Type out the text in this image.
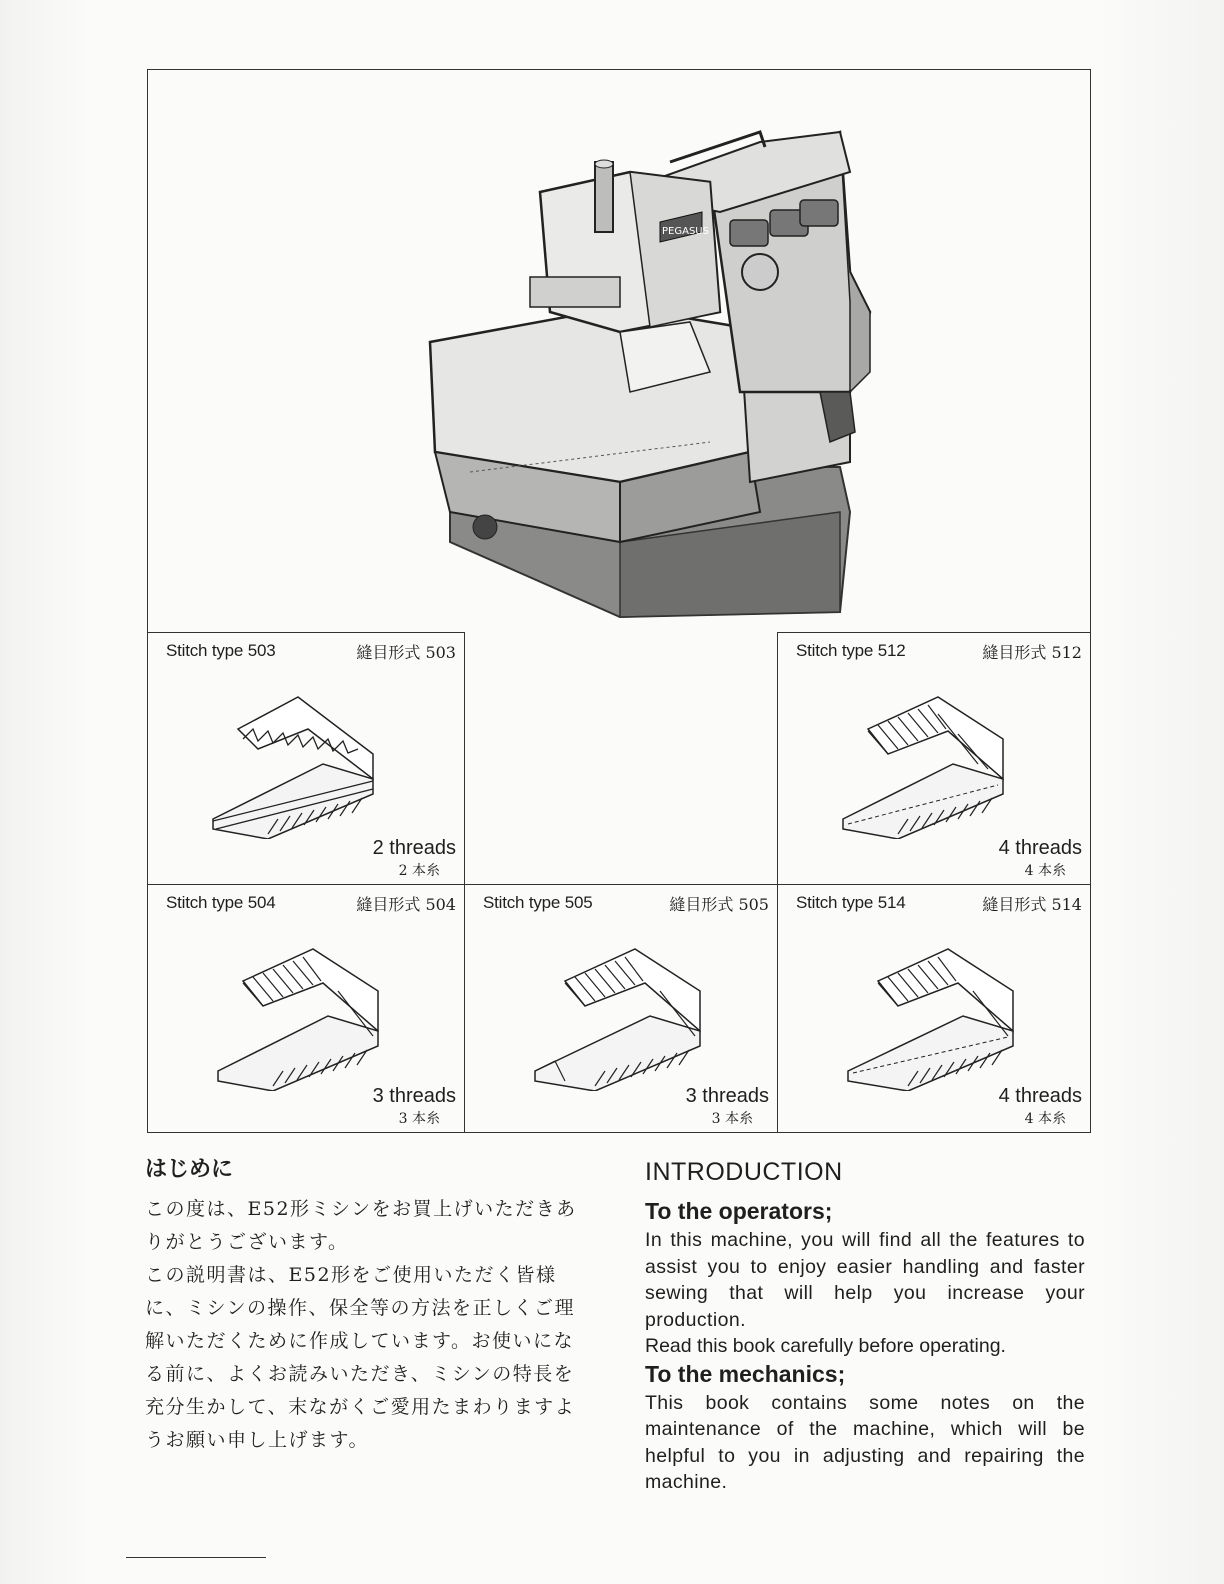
PEGASUS
Stitch type 503	縫目形式 503
2 threads
2 本糸
Stitch type 512	縫目形式 512
4 threads
4 本糸
Stitch type 504	縫目形式 504
3 threads
3 本糸
Stitch type 505	縫目形式 505
3 threads
3 本糸
Stitch type 514	縫目形式 514
4 threads
4 本糸
はじめに

この度は、E52形ミシンをお買上げいただきありがとうございます。

この説明書は、E52形をご使用いただく皆様に、ミシンの操作、保全等の方法を正しくご理解いただくために作成しています。お使いになる前に、よくお読みいただき、ミシンの特長を充分生かして、末ながくご愛用たまわりますようお願い申し上げます。

INTRODUCTION
To the operators;

In this machine, you will find all the features to assist you to enjoy easier handling and faster sewing that will help you increase your production.

Read this book carefully before operating.

To the mechanics;

This book contains some notes on the maintenance of the machine, which will be helpful to you in adjusting and repairing the machine.
